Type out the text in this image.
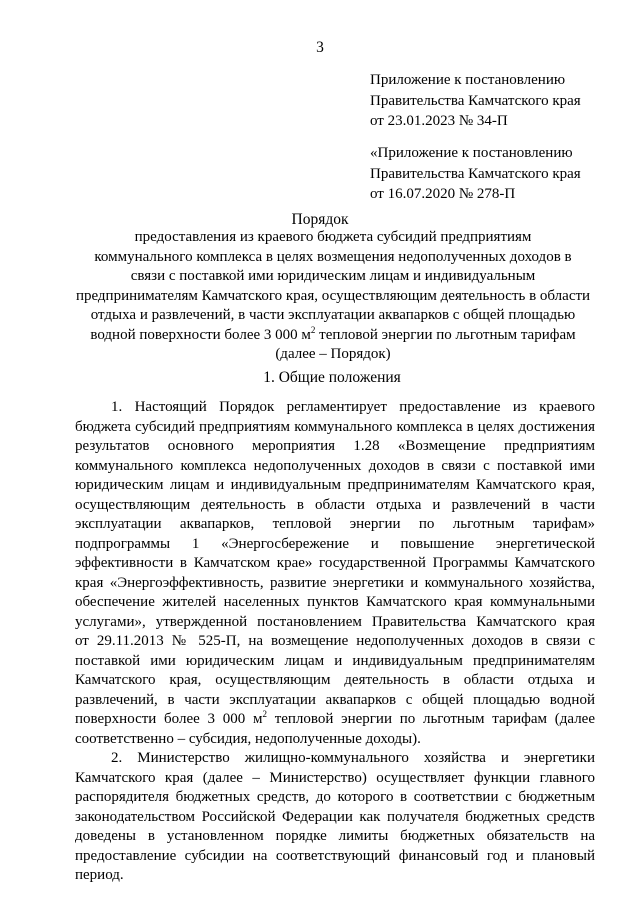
3
Приложение к постановлению
Правительства Камчатского края
от 23.01.2023 № 34-П
«Приложение к постановлению
Правительства Камчатского края
от 16.07.2020 № 278-П
Порядок
предоставления из краевого бюджета субсидий предприятиям
коммунального комплекса в целях возмещения недополученных доходов в
связи с поставкой ими юридическим лицам и индивидуальным
предпринимателям Камчатского края, осуществляющим деятельность в области
отдыха и развлечений, в части эксплуатации аквапарков с общей площадью
водной поверхности более 3 000 $м^2$ тепловой энергии по льготным тарифам
(далее – Порядок)
1. Общие положения
1. Настоящий Порядок регламентирует предоставление из краевого
бюджета субсидий предприятиям коммунального комплекса в целях достижения
результатов основного мероприятия 1.28 «Возмещение предприятиям
коммунального комплекса недополученных доходов в связи с поставкой ими
юридическим лицам и индивидуальным предпринимателям Камчатского края,
осуществляющим деятельность в области отдыха и развлечений в части
эксплуатации аквапарков, тепловой энергии по льготным тарифам»
подпрограммы 1 «Энергосбережение и повышение энергетической
эффективности в Камчатском крае» государственной Программы Камчатского
края «Энергоэффективность, развитие энергетики и коммунального хозяйства,
обеспечение жителей населенных пунктов Камчатского края коммунальными
услугами», утвержденной постановлением Правительства Камчатского края
от 29.11.2013 № 525-П, на возмещение недополученных доходов в связи с
поставкой ими юридическим лицам и индивидуальным предпринимателям
Камчатского края, осуществляющим деятельность в области отдыха и
развлечений, в части эксплуатации аквапарков с общей площадью водной
поверхности более 3 000 $м^2$ тепловой энергии по льготным тарифам (далее
соответственно – субсидия, недополученные доходы).
2. Министерство жилищно-коммунального хозяйства и энергетики
Камчатского края (далее – Министерство) осуществляет функции главного
распорядителя бюджетных средств, до которого в соответствии с бюджетным
законодательством Российской Федерации как получателя бюджетных средств
доведены в установленном порядке лимиты бюджетных обязательств на
предоставление субсидии на соответствующий финансовый год и плановый
период.
